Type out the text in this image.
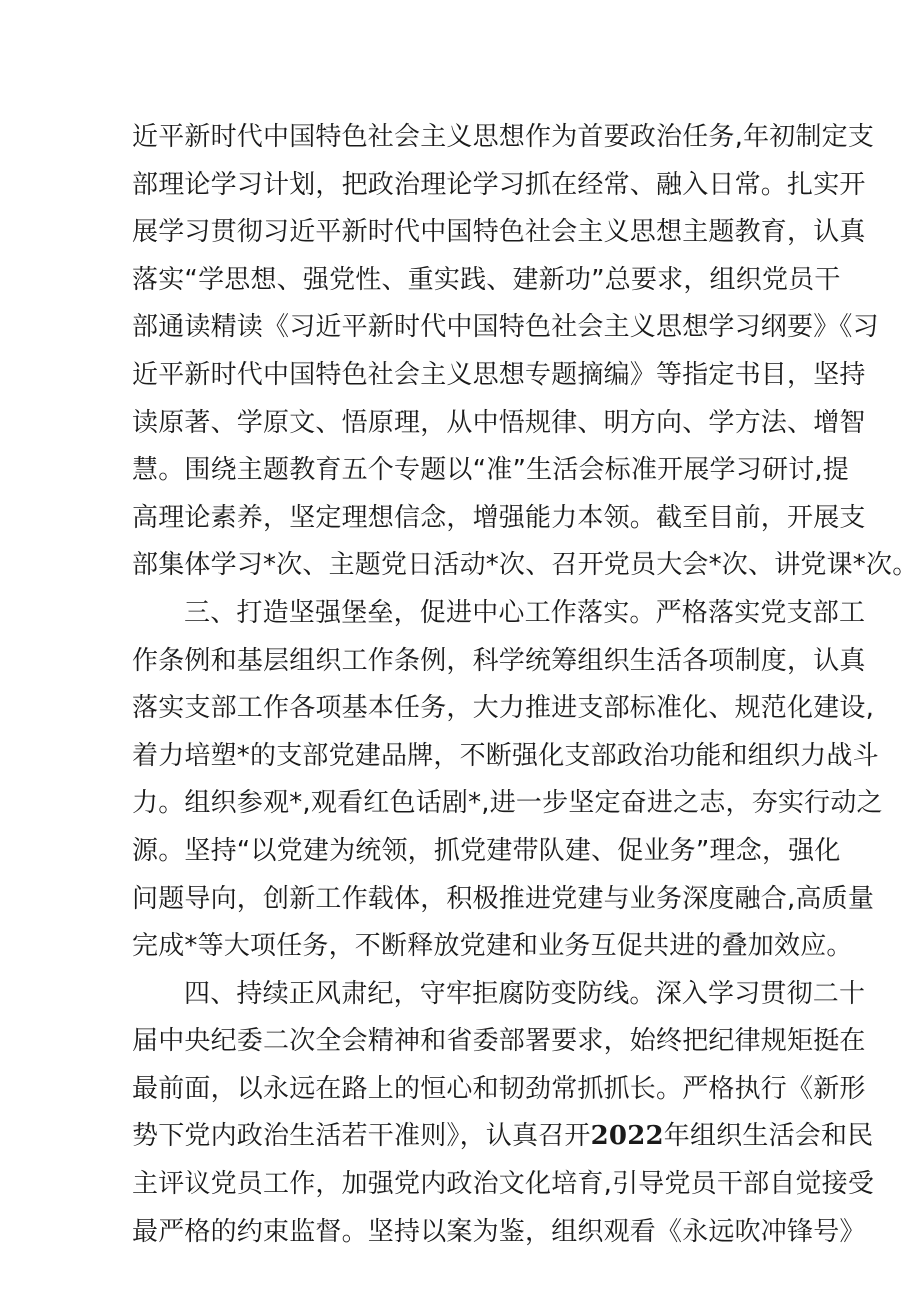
近平新时代中国特色社会主义思想作为首要政治任务,年初制定支
部理论学习计划，把政治理论学习抓在经常、融入日常。扎实开
展学习贯彻习近平新时代中国特色社会主义思想主题教育，认真
落实“学思想、强党性、重实践、建新功”总要求，组织党员干
部通读精读《习近平新时代中国特色社会主义思想学习纲要》《习
近平新时代中国特色社会主义思想专题摘编》等指定书目，坚持
读原著、学原文、悟原理，从中悟规律、明方向、学方法、增智
慧。围绕主题教育五个专题以“准”生活会标准开展学习研讨,提
高理论素养，坚定理想信念，增强能力本领。截至目前，开展支
部集体学习*次、主题党日活动*次、召开党员大会*次、讲党课*次。
三、打造坚强堡垒，促进中心工作落实。严格落实党支部工
作条例和基层组织工作条例，科学统筹组织生活各项制度，认真
落实支部工作各项基本任务，大力推进支部标准化、规范化建设,
着力培塑*的支部党建品牌，不断强化支部政治功能和组织力战斗
力。组织参观*,观看红色话剧*,进一步坚定奋进之志，夯实行动之
源。坚持“以党建为统领，抓党建带队建、促业务”理念，强化
问题导向，创新工作载体，积极推进党建与业务深度融合,高质量
完成*等大项任务，不断释放党建和业务互促共进的叠加效应。
四、持续正风肃纪，守牢拒腐防变防线。深入学习贯彻二十
届中央纪委二次全会精神和省委部署要求，始终把纪律规矩挺在
最前面，以永远在路上的恒心和韧劲常抓抓长。严格执行《新形
势下党内政治生活若干准则》，认真召开2022年组织生活会和民
主评议党员工作，加强党内政治文化培育,引导党员干部自觉接受
最严格的约束监督。坚持以案为鉴，组织观看《永远吹冲锋号》
